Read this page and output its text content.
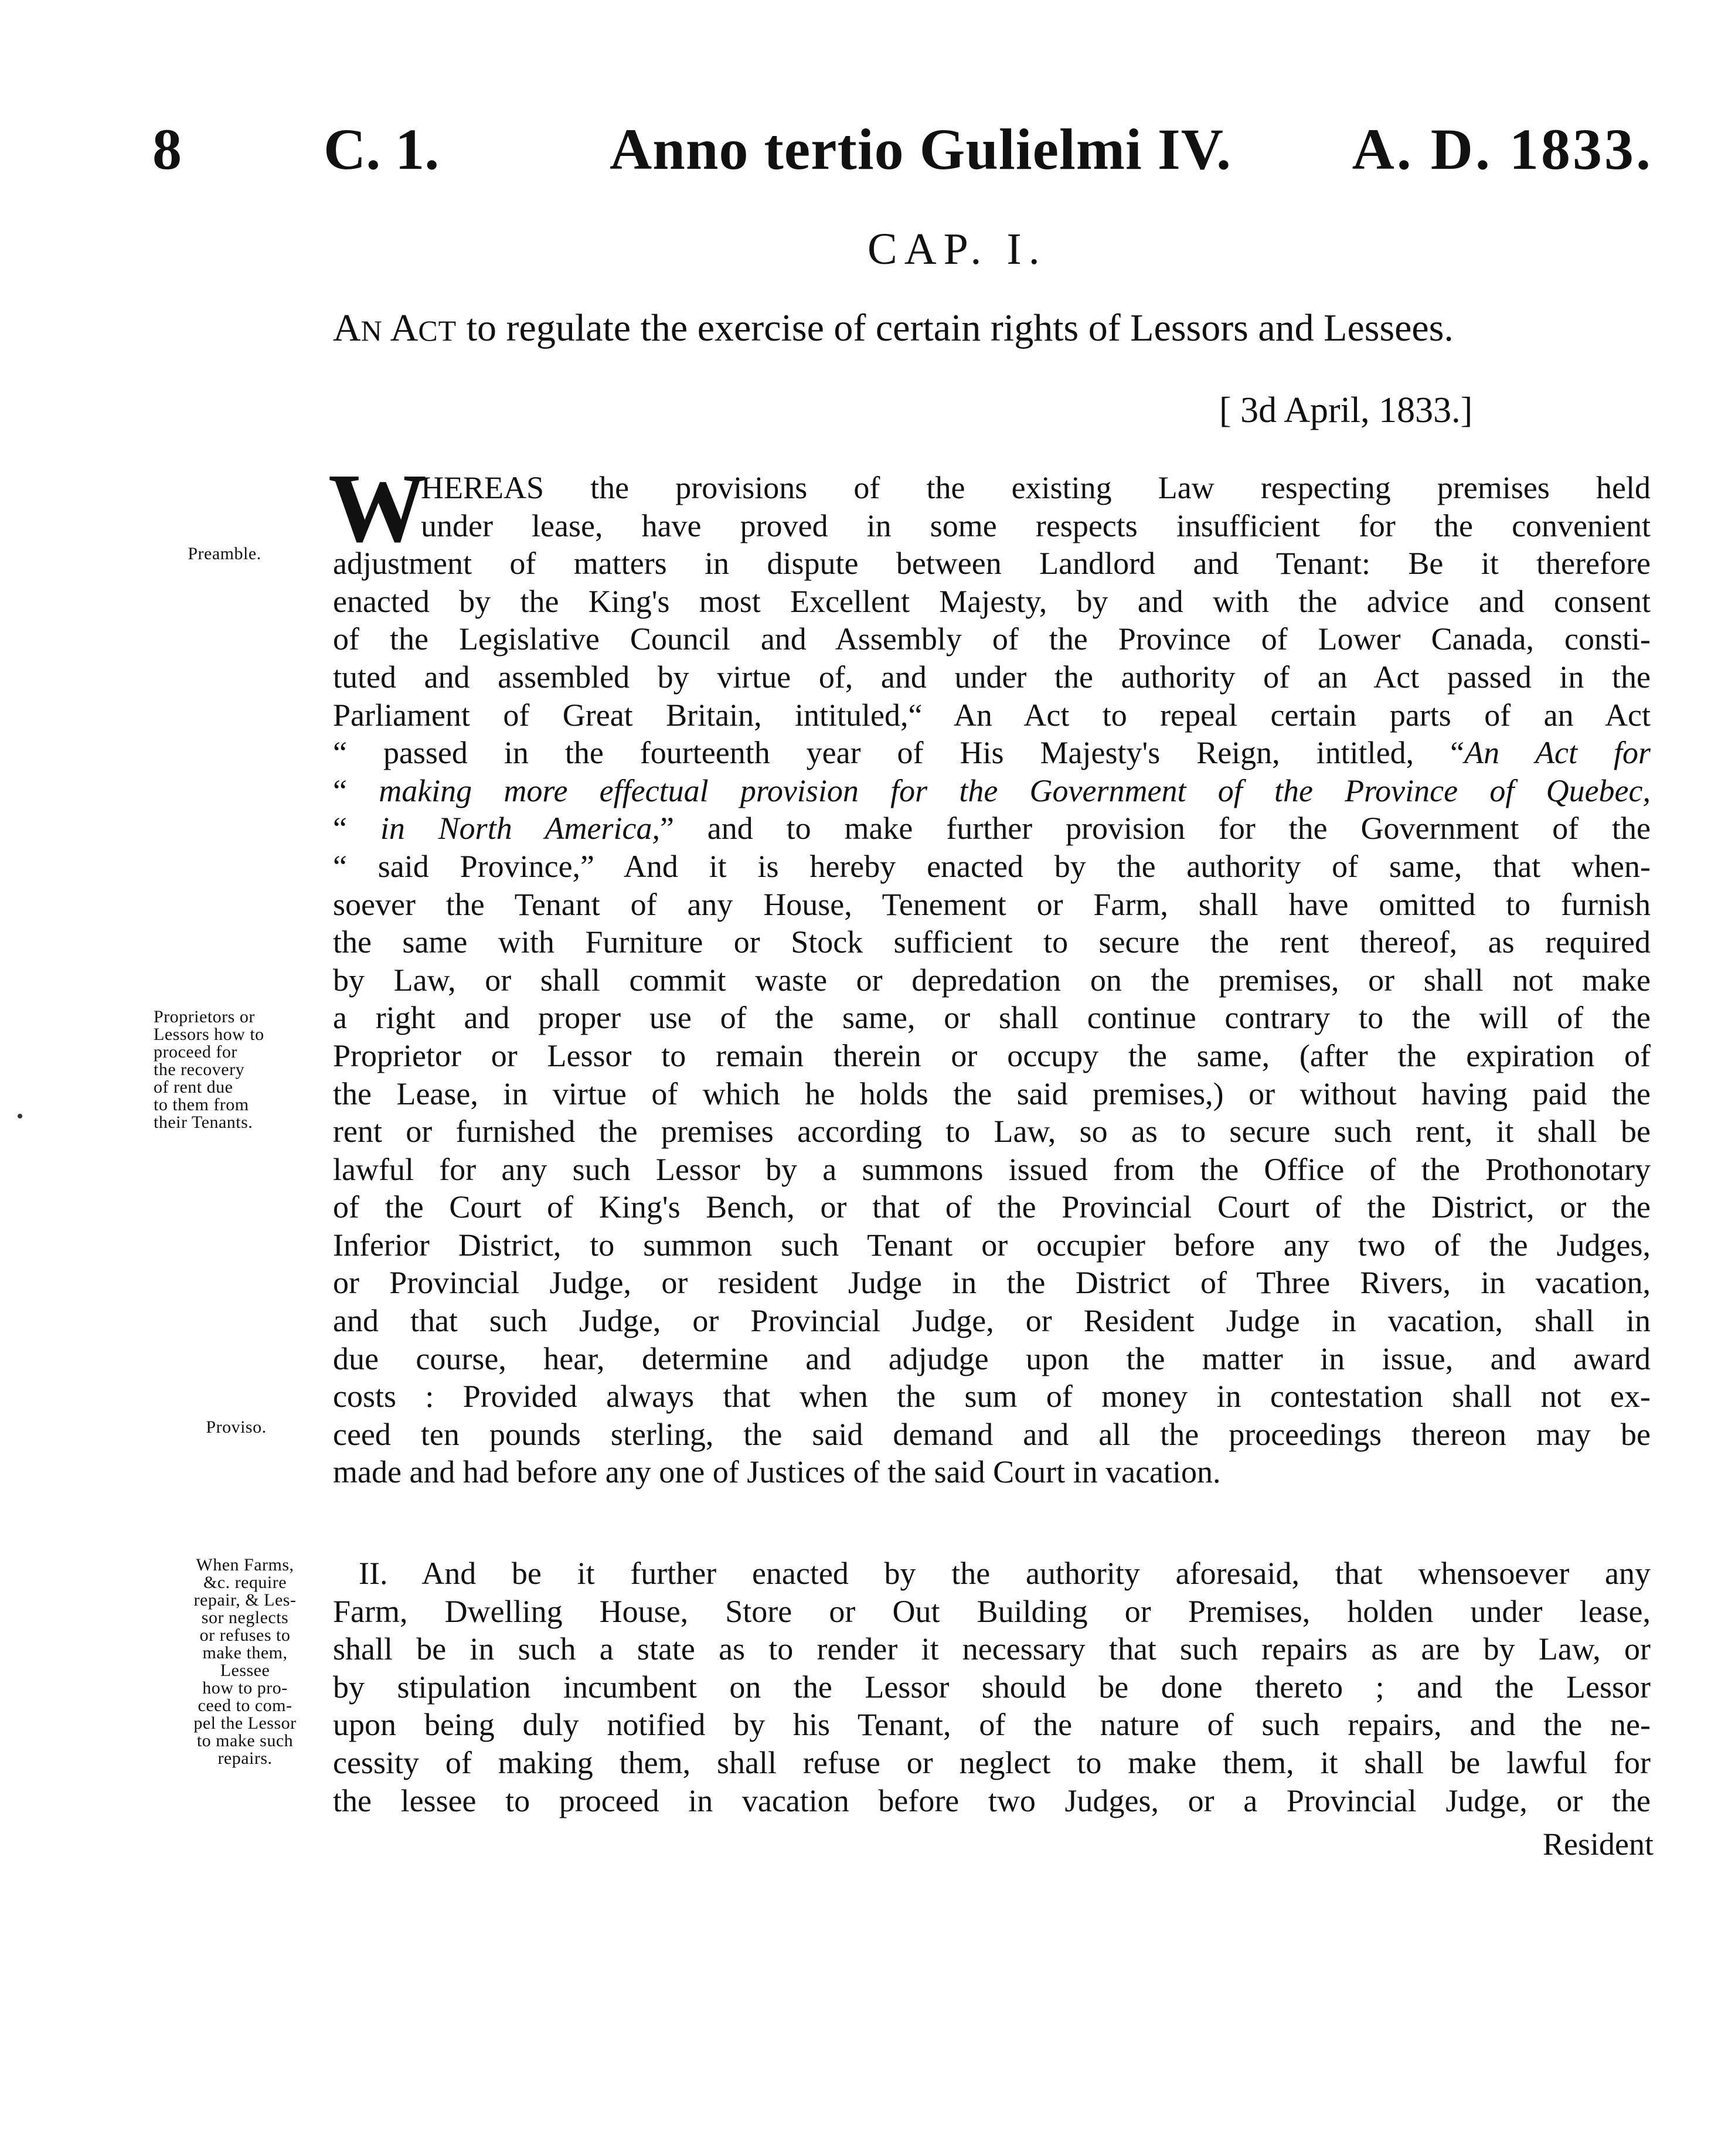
8 C. 1.	Anno tertio Gulielmi IV. A. D. 1833.
CAP. I.
AN ACT to regulate the exercise of certain rights of Lessors and Lessees.
[ 3d April, 1833.]
Preamble.
Proprietors or
Lessors how to
proceed for
the recovery
of rent due
to them from
their Tenants.
Proviso.
When Farms,
&c. require
repair, & Les-
sor neglects
or refuses to
make them,
Lessee
how to pro-
ceed to com-
pel the Lessor
to make such
repairs.
W
HEREAS the provisions of the existing Law respecting premises held
under lease, have proved in some respects insufficient for the convenient
adjustment of matters in dispute between Landlord and Tenant: Be it therefore
enacted by the King's most Excellent Majesty, by and with the advice and consent
of the Legislative Council and Assembly of the Province of Lower Canada, consti-
tuted and assembled by virtue of, and under the authority of an Act passed in the
Parliament of Great Britain, intituled,“ An Act to repeal certain parts of an Act
“ passed in the fourteenth year of His Majesty's Reign, intitled, “An Act for
“ making more effectual provision for the Government of the Province of Quebec,
“ in North America,” and to make further provision for the Government of the
“ said Province,” And it is hereby enacted by the authority of same, that when-
soever the Tenant of any House, Tenement or Farm, shall have omitted to furnish
the same with Furniture or Stock sufficient to secure the rent thereof, as required
by Law, or shall commit waste or depredation on the premises, or shall not make
a right and proper use of the same, or shall continue contrary to the will of the
Proprietor or Lessor to remain therein or occupy the same, (after the expiration of
the Lease, in virtue of which he holds the said premises,) or without having paid the
rent or furnished the premises according to Law, so as to secure such rent, it shall be
lawful for any such Lessor by a summons issued from the Office of the Prothonotary
of the Court of King's Bench, or that of the Provincial Court of the District, or the
Inferior District, to summon such Tenant or occupier before any two of the Judges,
or Provincial Judge, or resident Judge in the District of Three Rivers, in vacation,
and that such Judge, or Provincial Judge, or Resident Judge in vacation, shall in
due course, hear, determine and adjudge upon the matter in issue, and award
costs : Provided always that when the sum of money in contestation shall not ex-
ceed ten pounds sterling, the said demand and all the proceedings thereon may be
made and had before any one of Justices of the said Court in vacation.
II. And be it further enacted by the authority aforesaid, that whensoever any
Farm, Dwelling House, Store or Out Building or Premises, holden under lease,
shall be in such a state as to render it necessary that such repairs as are by Law, or
by stipulation incumbent on the Lessor should be done thereto ; and the Lessor
upon being duly notified by his Tenant, of the nature of such repairs, and the ne-
cessity of making them, shall refuse or neglect to make them, it shall be lawful for
the lessee to proceed in vacation before two Judges, or a Provincial Judge, or the
Resident
